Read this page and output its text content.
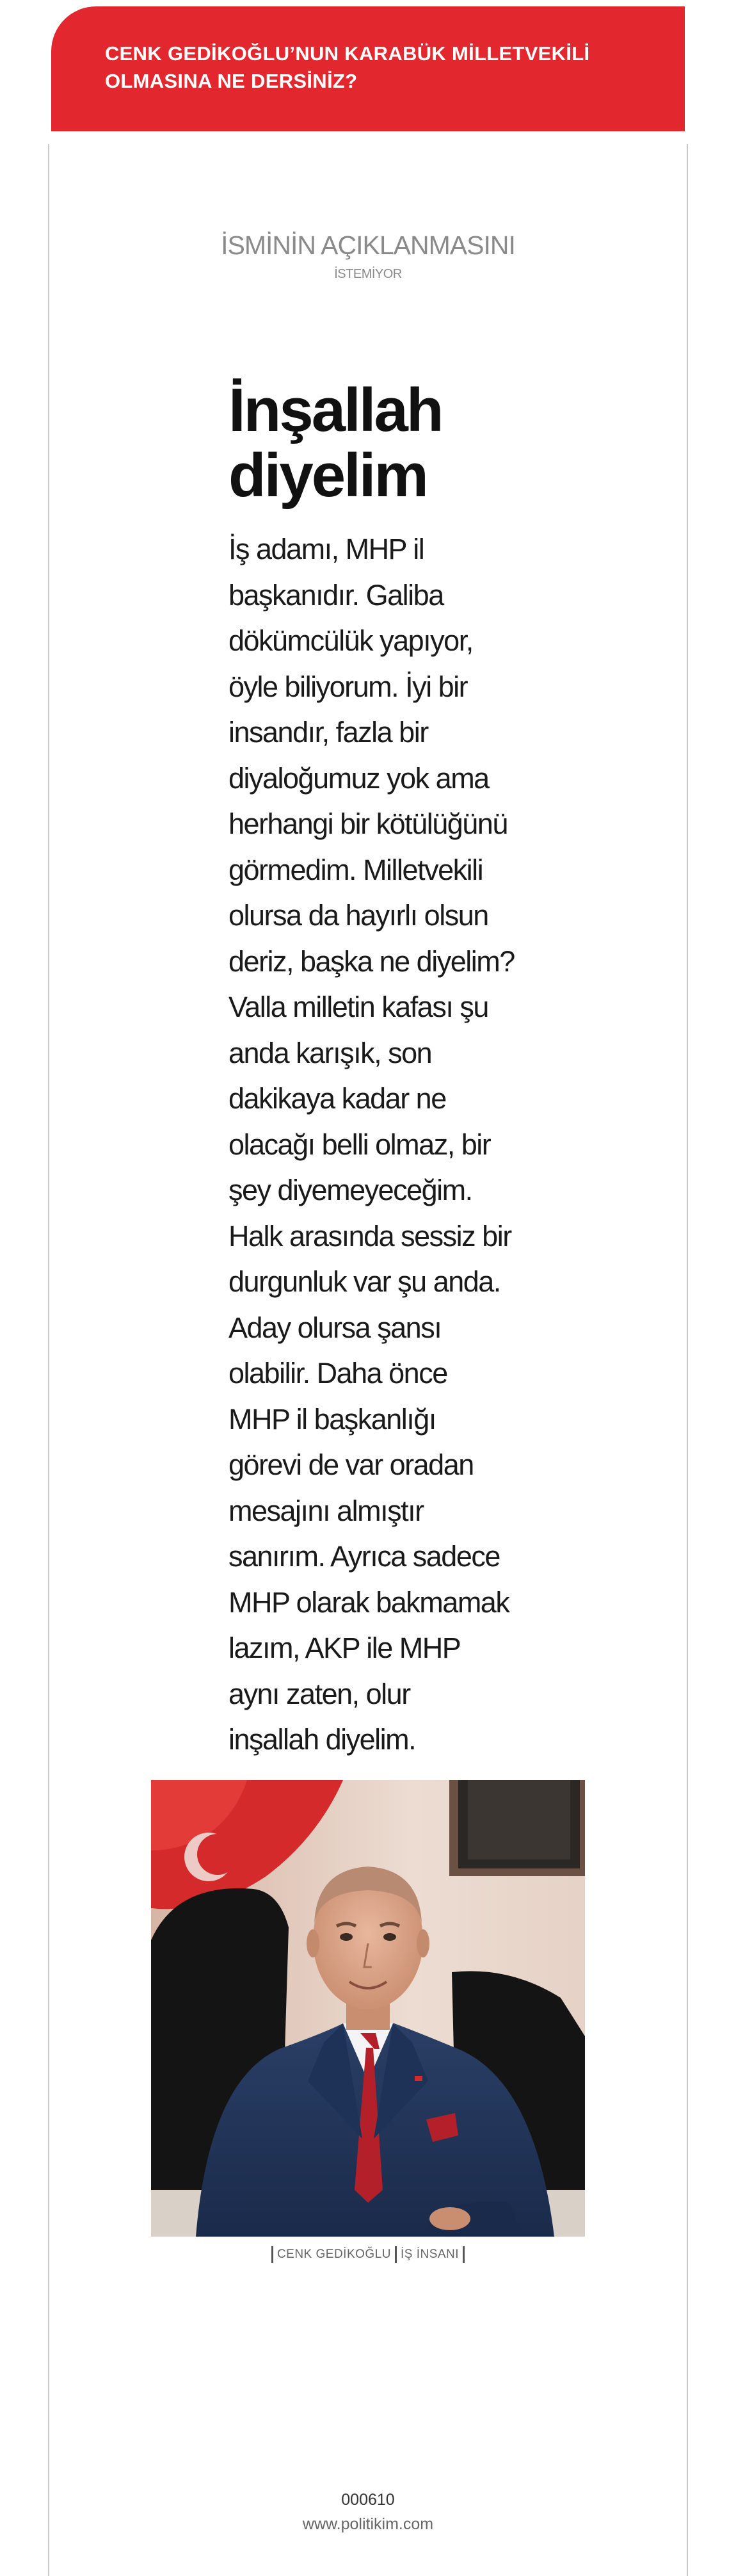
CENK GEDİKOĞLU’NUN KARABÜK MİLLETVEKİLİ
OLMASINA NE DERSİNİZ?

İSMİNİN AÇIKLANMASINI
İSTEMİYOR
İnşallah
diyelim

İş adamı, MHP il
başkanıdır. Galiba
dökümcülük yapıyor,
öyle biliyorum. İyi bir
insandır, fazla bir
diyaloğumuz yok ama
herhangi bir kötülüğünü
görmedim. Milletvekili
olursa da hayırlı olsun
deriz, başka ne diyelim?
Valla milletin kafası şu
anda karışık, son
dakikaya kadar ne
olacağı belli olmaz, bir
şey diyemeyeceğim.
Halk arasında sessiz bir
durgunluk var şu anda.
Aday olursa şansı
olabilir. Daha önce
MHP il başkanlığı
görevi de var oradan
mesajını almıştır
sanırım. Ayrıca sadece
MHP olarak bakmamak
lazım, AKP ile MHP
aynı zaten, olur
inşallah diyelim.

CENK GEDİKOĞLU İŞ İNSANI
000610
www.politikim.com
